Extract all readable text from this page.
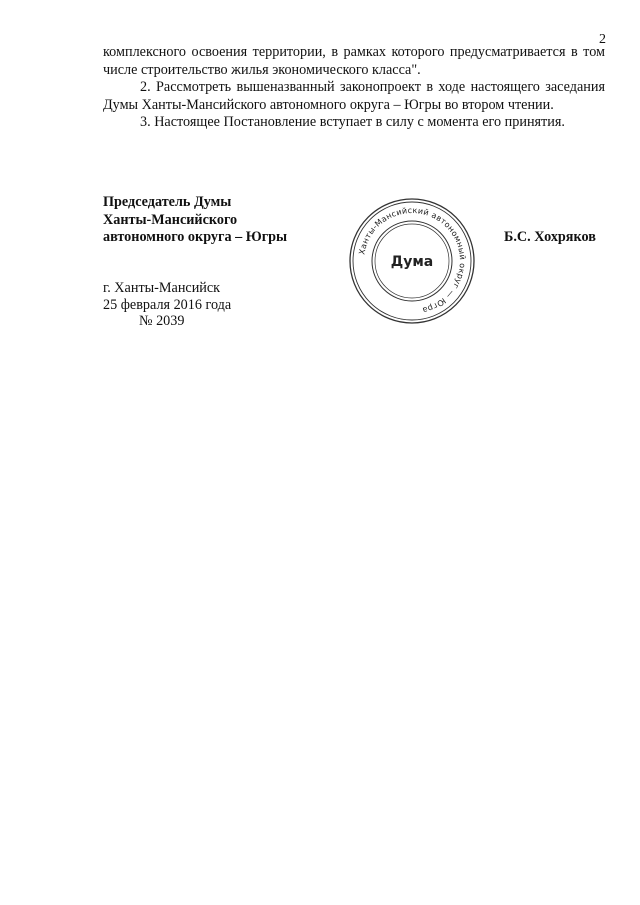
2

комплексного освоения территории, в рамках которого предусматривается в том числе строительство жилья экономического класса".

2. Рассмотреть вышеназванный законопроект в ходе настоящего заседания Думы Ханты-Мансийского автономного округа – Югры во втором чтении.

3. Настоящее Постановление вступает в силу с момента его принятия.

Председатель Думы
Ханты-Мансийского
автономного округа – Югры
Ханты-Мансийский автономный округ — Югра
Дума
Б.С. Хохряков
г. Ханты-Мансийск
25 февраля 2016 года
№ 2039
